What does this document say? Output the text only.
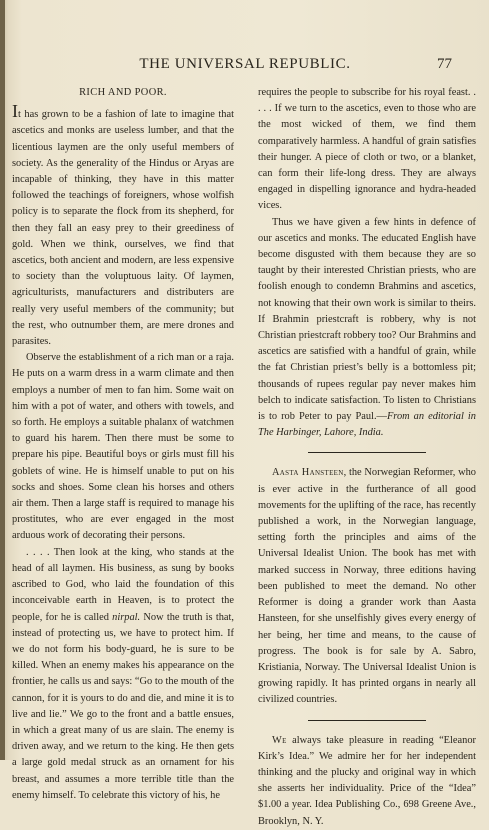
THE UNIVERSAL REPUBLIC.	77
RICH AND POOR.

It has grown to be a fashion of late to imagine that ascetics and monks are useless lumber, and that the licentious laymen are the only useful members of society. As the generality of the Hindus or Aryas are incapable of thinking, they have in this matter followed the teachings of foreigners, whose wolfish policy is to separate the flock from its shepherd, for then they fall an easy prey to their greediness of gold. When we think, ourselves, we find that ascetics, both ancient and modern, are less expensive to society than the voluptuous laity. Of laymen, agriculturists, manufacturers and distributers are really very useful members of the community; but the rest, who outnumber them, are mere drones and parasites.

Observe the establishment of a rich man or a raja. He puts on a warm dress in a warm climate and then employs a number of men to fan him. Some wait on him with a pot of water, and others with towels, and so forth. He employs a suitable phalanx of watchmen to guard his harem. Then there must be some to prepare his pipe. Beautiful boys or girls must fill his goblets of wine. He is himself unable to put on his socks and shoes. Some clean his horses and others air them. Then a large staff is required to manage his prostitutes, who are ever engaged in the most arduous work of decorating their persons.

. . . . Then look at the king, who stands at the head of all laymen. His business, as sung by books ascribed to God, who laid the foundation of this inconceivable earth in Heaven, is to protect the people, for he is called nirpal. Now the truth is that, instead of protecting us, we have to protect him. If we do not form his body-guard, he is sure to be killed. When an enemy makes his appearance on the frontier, he calls us and says: “Go to the mouth of the cannon, for it is yours to do and die, and mine it is to live and lie.” We go to the front and a battle ensues, in which a great many of us are slain. The enemy is driven away, and we return to the king. He then gets a large gold medal struck as an ornament for his breast, and assumes a more terrible title than the enemy himself. To celebrate this victory of his, he

requires the people to subscribe for his royal feast. . . . . If we turn to the ascetics, even to those who are the most wicked of them, we find them comparatively harmless. A handful of grain satisfies their hunger. A piece of cloth or two, or a blanket, can form their life-long dress. They are always engaged in dispelling ignorance and hydra-headed vices.

Thus we have given a few hints in defence of our ascetics and monks. The educated English have become disgusted with them because they are so taught by their interested Christian priests, who are foolish enough to condemn Brahmins and ascetics, not knowing that their own work is similar to theirs. If Brahmin priestcraft is robbery, why is not Christian priestcraft robbery too? Our Brahmins and ascetics are satisfied with a handful of grain, while the fat Christian priest’s belly is a bottomless pit; thousands of rupees regular pay never makes him belch to indicate satisfaction. To listen to Christians is to rob Peter to pay Paul.—From an editorial in The Harbinger, Lahore, India.

Aasta Hansteen, the Norwegian Reformer, who is ever active in the furtherance of all good movements for the uplifting of the race, has recently published a work, in the Norwegian language, setting forth the principles and aims of the Universal Idealist Union. The book has met with marked success in Norway, three editions having been published to meet the demand. No other Reformer is doing a grander work than Aasta Hansteen, for she unselfishly gives every energy of her being, her time and means, to the cause of progress. The book is for sale by A. Sabro, Kristiania, Norway. The Universal Idealist Union is growing rapidly. It has printed organs in nearly all civilized countries.

We always take pleasure in reading “Eleanor Kirk’s Idea.” We admire her for her independent thinking and the plucky and original way in which she asserts her individuality. Price of the “Idea” $1.00 a year. Idea Publishing Co., 698 Greene Ave., Brooklyn, N. Y.
